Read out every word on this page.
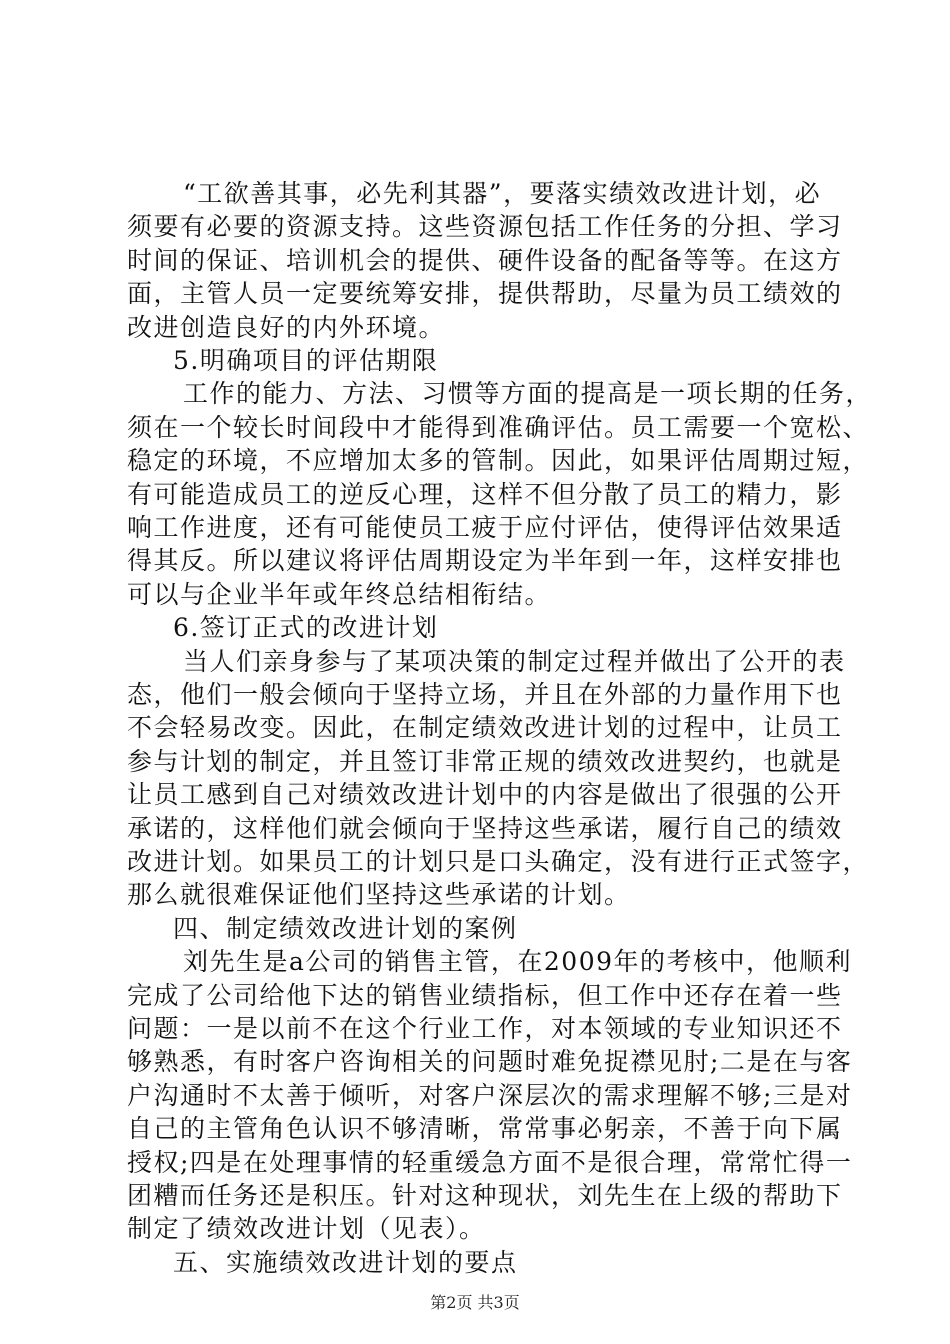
“工欲善其事，必先利其器”，要落实绩效改进计划，必
须要有必要的资源支持。这些资源包括工作任务的分担、学习
时间的保证、培训机会的提供、硬件设备的配备等等。在这方
面，主管人员一定要统筹安排，提供帮助，尽量为员工绩效的
改进创造良好的内外环境。
5.明确项目的评估期限
工作的能力、方法、习惯等方面的提高是一项长期的任务，
须在一个较长时间段中才能得到准确评估。员工需要一个宽松、
稳定的环境，不应增加太多的管制。因此，如果评估周期过短，
有可能造成员工的逆反心理，这样不但分散了员工的精力，影
响工作进度，还有可能使员工疲于应付评估，使得评估效果适
得其反。所以建议将评估周期设定为半年到一年，这样安排也
可以与企业半年或年终总结相衔结。
6.签订正式的改进计划
当人们亲身参与了某项决策的制定过程并做出了公开的表
态，他们一般会倾向于坚持立场，并且在外部的力量作用下也
不会轻易改变。因此，在制定绩效改进计划的过程中，让员工
参与计划的制定，并且签订非常正规的绩效改进契约，也就是
让员工感到自己对绩效改进计划中的内容是做出了很强的公开
承诺的，这样他们就会倾向于坚持这些承诺，履行自己的绩效
改进计划。如果员工的计划只是口头确定，没有进行正式签字，
那么就很难保证他们坚持这些承诺的计划。
四、制定绩效改进计划的案例
刘先生是a公司的销售主管，在2009年的考核中，他顺利
完成了公司给他下达的销售业绩指标，但工作中还存在着一些
问题：一是以前不在这个行业工作，对本领域的专业知识还不
够熟悉，有时客户咨询相关的问题时难免捉襟见肘;二是在与客
户沟通时不太善于倾听，对客户深层次的需求理解不够;三是对
自己的主管角色认识不够清晰，常常事必躬亲，不善于向下属
授权;四是在处理事情的轻重缓急方面不是很合理，常常忙得一
团糟而任务还是积压。针对这种现状，刘先生在上级的帮助下
制定了绩效改进计划（见表）。
五、实施绩效改进计划的要点
第2页 共3页
